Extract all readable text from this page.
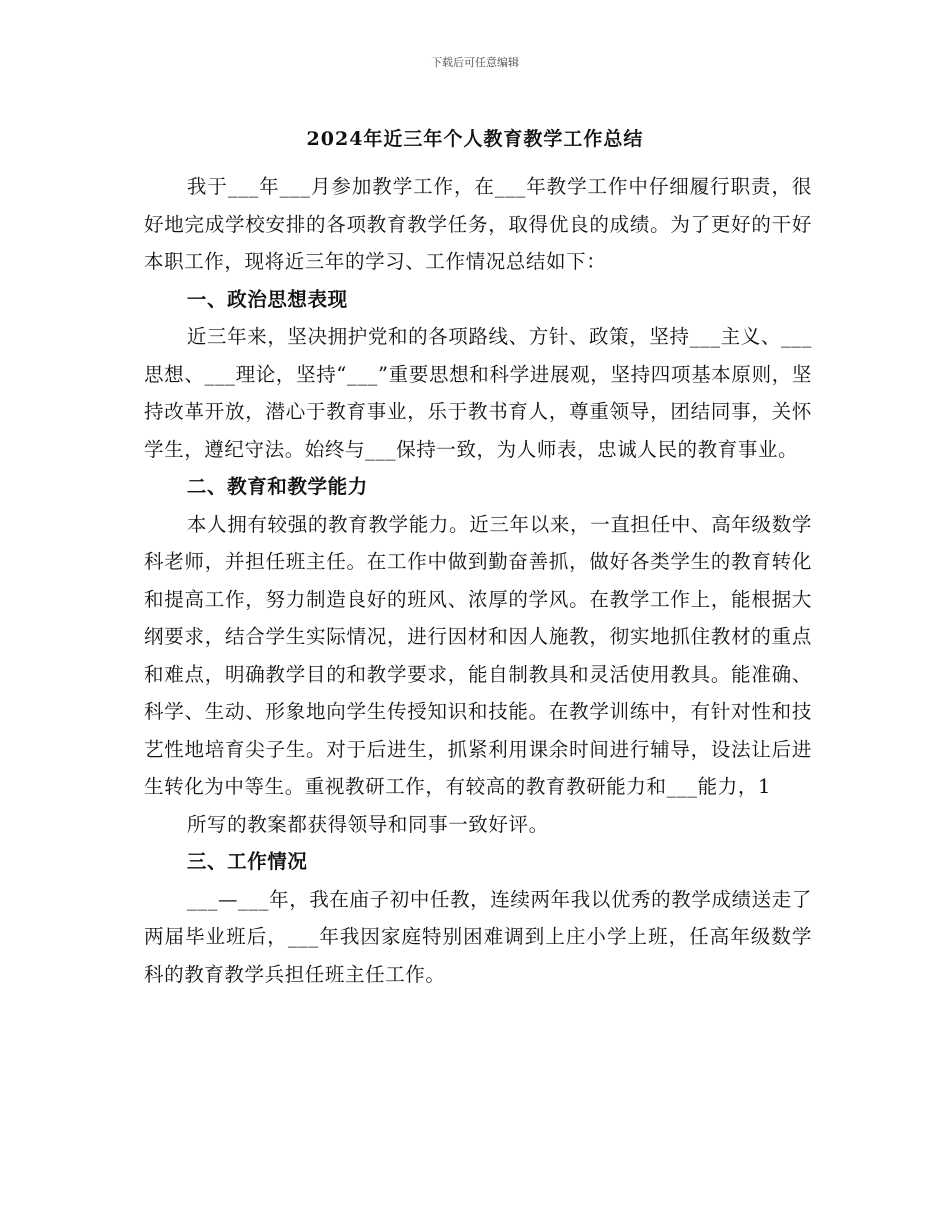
下载后可任意编辑
2024年近三年个人教育教学工作总结

我于___年___月参加教学工作，在___年教学工作中仔细履行职责，很好地完成学校安排的各项教育教学任务，取得优良的成绩。为了更好的干好本职工作，现将近三年的学习、工作情况总结如下：

一、政治思想表现

近三年来，坚决拥护党和的各项路线、方针、政策，坚持___主义、___思想、___理论，坚持“___”重要思想和科学进展观，坚持四项基本原则，坚持改革开放，潜心于教育事业，乐于教书育人，尊重领导，团结同事，关怀学生，遵纪守法。始终与___保持一致，为人师表，忠诚人民的教育事业。

二、教育和教学能力

本人拥有较强的教育教学能力。近三年以来，一直担任中、高年级数学科老师，并担任班主任。在工作中做到勤奋善抓，做好各类学生的教育转化和提高工作，努力制造良好的班风、浓厚的学风。在教学工作上，能根据大纲要求，结合学生实际情况，进行因材和因人施教，彻实地抓住教材的重点和难点，明确教学目的和教学要求，能自制教具和灵活使用教具。能准确、科学、生动、形象地向学生传授知识和技能。在教学训练中，有针对性和技艺性地培育尖子生。对于后进生，抓紧利用课余时间进行辅导，设法让后进生转化为中等生。重视教研工作，有较高的教育教研能力和___能力，1

所写的教案都获得领导和同事一致好评。

三、工作情况

___—___年，我在庙子初中任教，连续两年我以优秀的教学成绩送走了两届毕业班后，___年我因家庭特别困难调到上庄小学上班，任高年级数学科的教育教学兵担任班主任工作。
